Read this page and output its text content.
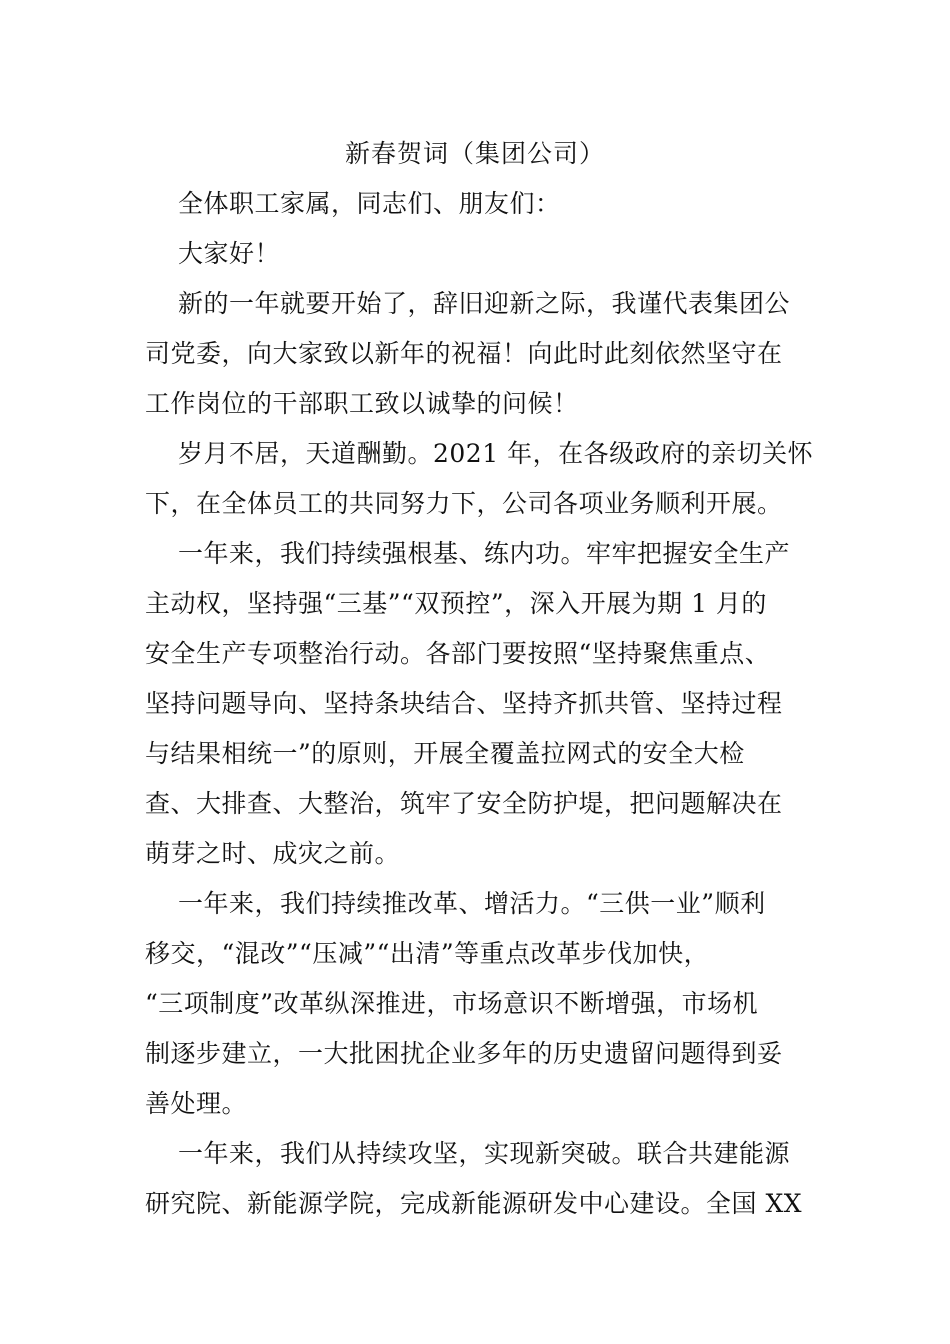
新春贺词（集团公司）
全体职工家属，同志们、朋友们：
大家好！
新的一年就要开始了，辞旧迎新之际，我谨代表集团公
司党委，向大家致以新年的祝福！向此时此刻依然坚守在
工作岗位的干部职工致以诚挚的问候！
岁月不居，天道酬勤。2021 年，在各级政府的亲切关怀
下，在全体员工的共同努力下，公司各项业务顺利开展。
一年来，我们持续强根基、练内功。牢牢把握安全生产
主动权，坚持强“三基”“双预控”，深入开展为期 1 月的
安全生产专项整治行动。各部门要按照“坚持聚焦重点、
坚持问题导向、坚持条块结合、坚持齐抓共管、坚持过程
与结果相统一”的原则，开展全覆盖拉网式的安全大检
查、大排查、大整治，筑牢了安全防护堤，把问题解决在
萌芽之时、成灾之前。
一年来，我们持续推改革、增活力。“三供一业”顺利
移交，“混改”“压减”“出清”等重点改革步伐加快，
“三项制度”改革纵深推进，市场意识不断增强，市场机
制逐步建立，一大批困扰企业多年的历史遗留问题得到妥
善处理。
一年来，我们从持续攻坚，实现新突破。联合共建能源
研究院、新能源学院，完成新能源研发中心建设。全国 XX
